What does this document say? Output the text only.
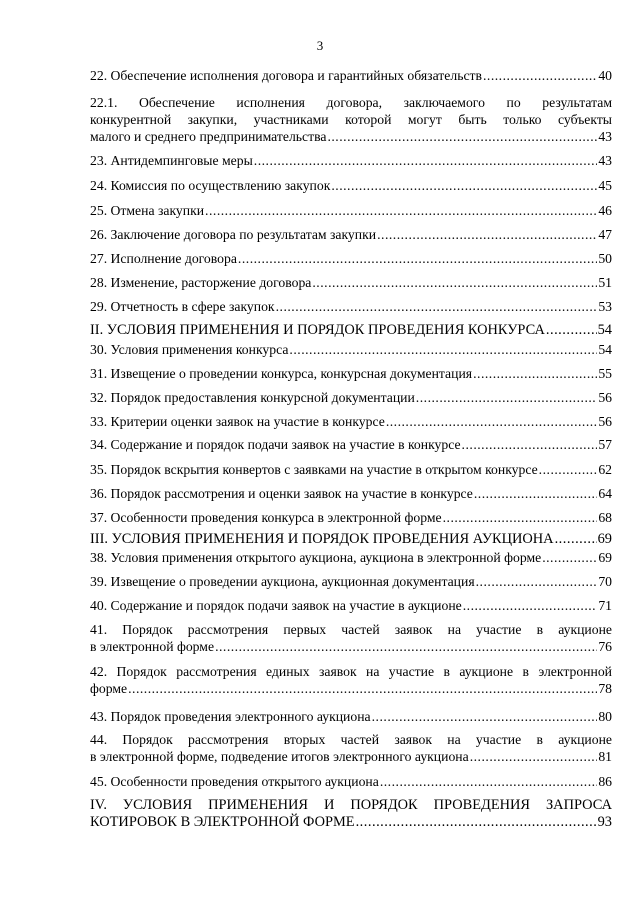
3
22. Обеспечение исполнения договора и гарантийных обязательств .....	40
22.1. Обеспечение исполнения договора, заключаемого по результатам
конкурентной закупки, участниками которой могут быть только субъекты
малого и среднего предпринимательства .....	43
23. Антидемпинговые меры .....	43
24. Комиссия по осуществлению закупок .....	45
25. Отмена закупки .....	46
26. Заключение договора по результатам закупки .....	47
27. Исполнение договора .....	50
28. Изменение, расторжение договора .....	51
29. Отчетность в сфере закупок .....	53
II. УСЛОВИЯ ПРИМЕНЕНИЯ И ПОРЯДОК ПРОВЕДЕНИЯ КОНКУРСА .....	54
30. Условия применения конкурса .....	54
31. Извещение о проведении конкурса, конкурсная документация .....	55
32. Порядок предоставления конкурсной документации .....	56
33. Критерии оценки заявок на участие в конкурсе .....	56
34. Содержание и порядок подачи заявок на участие в конкурсе .....	57
35. Порядок вскрытия конвертов с заявками на участие в открытом конкурсе .....	62
36. Порядок рассмотрения и оценки заявок на участие в конкурсе .....	64
37. Особенности проведения конкурса в электронной форме .....	68
III. УСЛОВИЯ ПРИМЕНЕНИЯ И ПОРЯДОК ПРОВЕДЕНИЯ АУКЦИОНА .....	69
38. Условия применения открытого аукциона, аукциона в электронной форме .....	69
39. Извещение о проведении аукциона, аукционная документация .....	70
40. Содержание и порядок подачи заявок на участие в аукционе .....	71
41. Порядок рассмотрения первых частей заявок на участие в аукционе
в электронной форме .....	76
42. Порядок рассмотрения единых заявок на участие в аукционе в электронной
форме .....	78
43. Порядок проведения электронного аукциона .....	80
44. Порядок рассмотрения вторых частей заявок на участие в аукционе
в электронной форме, подведение итогов электронного аукциона .....	81
45. Особенности проведения открытого аукциона .....	86
IV. УСЛОВИЯ ПРИМЕНЕНИЯ И ПОРЯДОК ПРОВЕДЕНИЯ ЗАПРОСА
КОТИРОВОК В ЭЛЕКТРОННОЙ ФОРМЕ .....	93
